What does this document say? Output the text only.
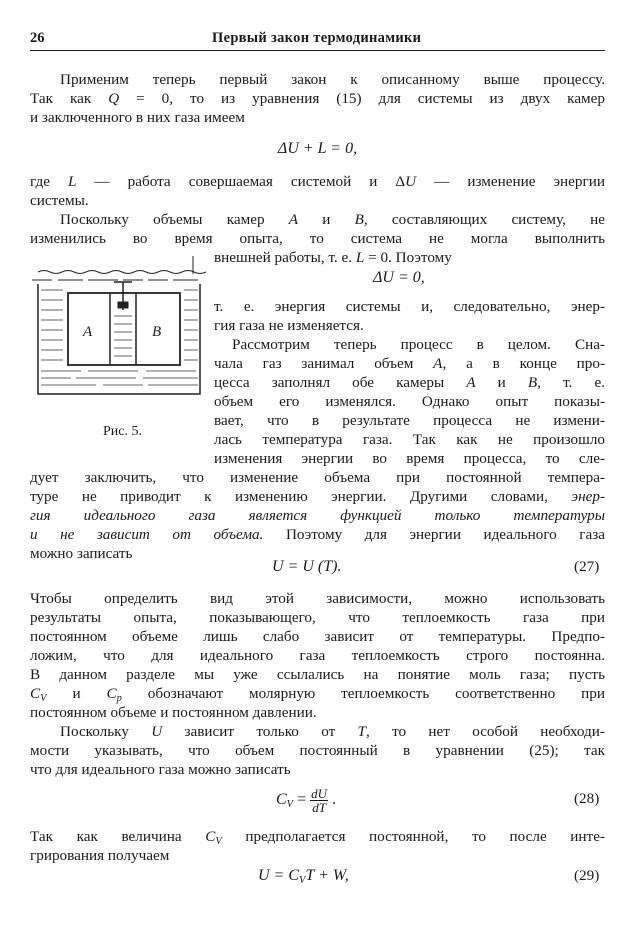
26	Первый закон термодинамики
Применим теперь первый закон к описанному выше процессу.
Так как Q = 0, то из уравнения (15) для системы из двух камер
и заключенного в них газа имеем
ΔU + L = 0,
где L — работа совершаемая системой и ΔU — изменение энергии
системы.
Поскольку объемы камер A и B, составляющих систему, не
изменились во время опыта, то система не могла выполнить
внешней работы, т. е. L = 0. Поэтому
ΔU = 0,
A	B
Рис. 5.
т. е. энергия системы и, следовательно, энер-
гия газа не изменяется.
Рассмотрим теперь процесс в целом. Сна-
чала газ занимал объем A, а в конце про-
цесса заполнял обе камеры A и B, т. е.
объем его изменялся. Однако опыт показы-
вает, что в результате процесса не измени-
лась температура газа. Так как не произошло
изменения энергии во время процесса, то сле-
дует заключить, что изменение объема при постоянной темпера-
туре не приводит к изменению энергии. Другими словами, энер-
гия идеального газа является функцией только температуры
и не зависит от объема. Поэтому для энергии идеального газа
можно записать
U = U (T).	(27)
Чтобы определить вид этой зависимости, можно использовать
результаты опыта, показывающего, что теплоемкость газа при
постоянном объеме лишь слабо зависит от температуры. Предпо-
ложим, что для идеального газа теплоемкость строго постоянна.
В данном разделе мы уже ссылались на понятие моль газа; пусть
$C_V$ и $C_p$ обозначают молярную теплоемкость соответственно при
постоянном объеме и постоянном давлении.
Поскольку U зависит только от T, то нет особой необходи-
мости указывать, что объем постоянный в уравнении (25); так
что для идеального газа можно записать
$C_V = \frac{dU}{dT}$ .	(28)
Так как величина $C_V$ предполагается постоянной, то после инте-
грирования получаем
$U = C_VT + W$,	(29)
